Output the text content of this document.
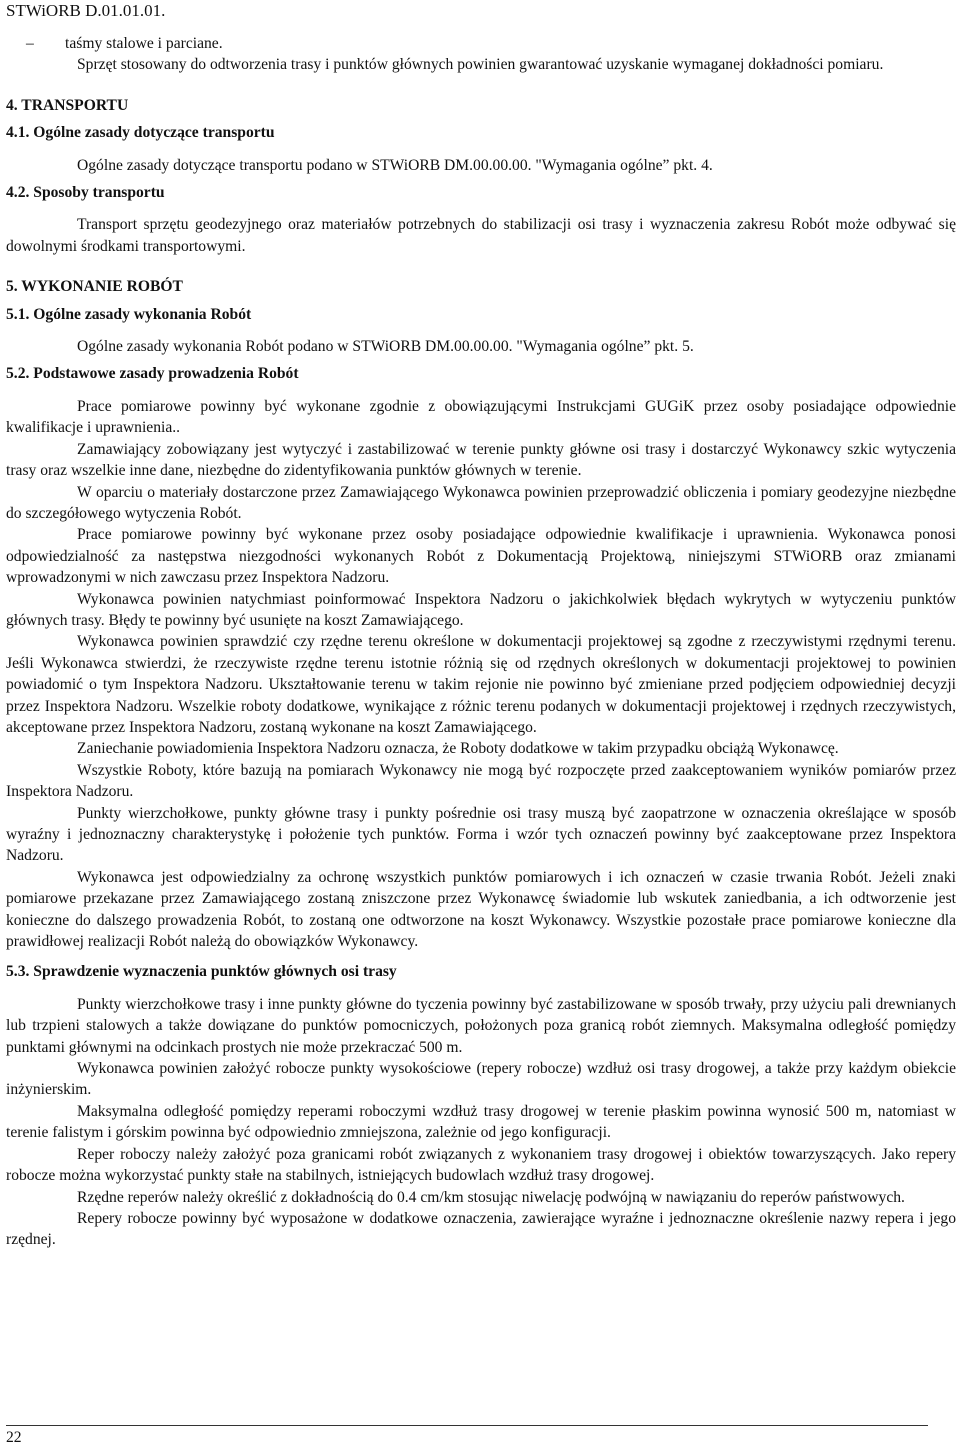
STWiORB D.01.01.01.
– taśmy stalowe i parciane.

Sprzęt stosowany do odtworzenia trasy i punktów głównych powinien gwarantować uzyskanie wymaganej dokładności pomiaru.

4. TRANSPORTU

4.1. Ogólne zasady dotyczące transportu

Ogólne zasady dotyczące transportu podano w STWiORB DM.00.00.00. "Wymagania ogólne” pkt. 4.

4.2. Sposoby transportu

Transport sprzętu geodezyjnego oraz materiałów potrzebnych do stabilizacji osi trasy i wyznaczenia zakresu Robót może odbywać się dowolnymi środkami transportowymi.

5. WYKONANIE ROBÓT

5.1. Ogólne zasady wykonania Robót

Ogólne zasady wykonania Robót podano w STWiORB DM.00.00.00. "Wymagania ogólne” pkt. 5.

5.2. Podstawowe zasady prowadzenia Robót

Prace pomiarowe powinny być wykonane zgodnie z obowiązującymi Instrukcjami GUGiK przez osoby posiadające odpowiednie kwalifikacje i uprawnienia..

Zamawiający zobowiązany jest wytyczyć i zastabilizować w terenie punkty główne osi trasy i dostarczyć Wykonawcy szkic wytyczenia trasy oraz wszelkie inne dane, niezbędne do zidentyfikowania punktów głównych w terenie.

W oparciu o materiały dostarczone przez Zamawiającego Wykonawca powinien przeprowadzić obliczenia i pomiary geodezyjne niezbędne do szczegółowego wytyczenia Robót.

Prace pomiarowe powinny być wykonane przez osoby posiadające odpowiednie kwalifikacje i uprawnienia. Wykonawca ponosi odpowiedzialność za następstwa niezgodności wykonanych Robót z Dokumentacją Projektową, niniejszymi STWiORB oraz zmianami wprowadzonymi w nich zawczasu przez Inspektora Nadzoru.

Wykonawca powinien natychmiast poinformować Inspektora Nadzoru o jakichkolwiek błędach wykrytych w wytyczeniu punktów głównych trasy. Błędy te powinny być usunięte na koszt Zamawiającego.

Wykonawca powinien sprawdzić czy rzędne terenu określone w dokumentacji projektowej są zgodne z rzeczywistymi rzędnymi terenu. Jeśli Wykonawca stwierdzi, że rzeczywiste rzędne terenu istotnie różnią się od rzędnych określonych w dokumentacji projektowej to powinien powiadomić o tym Inspektora Nadzoru. Ukształtowanie terenu w takim rejonie nie powinno być zmieniane przed podjęciem odpowiedniej decyzji przez Inspektora Nadzoru. Wszelkie roboty dodatkowe, wynikające z różnic terenu podanych w dokumentacji projektowej i rzędnych rzeczywistych, akceptowane przez Inspektora Nadzoru, zostaną wykonane na koszt Zamawiającego.

Zaniechanie powiadomienia Inspektora Nadzoru oznacza, że Roboty dodatkowe w takim przypadku obciążą Wykonawcę.

Wszystkie Roboty, które bazują na pomiarach Wykonawcy nie mogą być rozpoczęte przed zaakceptowaniem wyników pomiarów przez Inspektora Nadzoru.

Punkty wierzchołkowe, punkty główne trasy i punkty pośrednie osi trasy muszą być zaopatrzone w oznaczenia określające w sposób wyraźny i jednoznaczny charakterystykę i położenie tych punktów. Forma i wzór tych oznaczeń powinny być zaakceptowane przez Inspektora Nadzoru.

Wykonawca jest odpowiedzialny za ochronę wszystkich punktów pomiarowych i ich oznaczeń w czasie trwania Robót. Jeżeli znaki pomiarowe przekazane przez Zamawiającego zostaną zniszczone przez Wykonawcę świadomie lub wskutek zaniedbania, a ich odtworzenie jest konieczne do dalszego prowadzenia Robót, to zostaną one odtworzone na koszt Wykonawcy. Wszystkie pozostałe prace pomiarowe konieczne dla prawidłowej realizacji Robót należą do obowiązków Wykonawcy.

5.3. Sprawdzenie wyznaczenia punktów głównych osi trasy

Punkty wierzchołkowe trasy i inne punkty główne do tyczenia powinny być zastabilizowane w sposób trwały, przy użyciu pali drewnianych lub trzpieni stalowych a także dowiązane do punktów pomocniczych, położonych poza granicą robót ziemnych. Maksymalna odległość pomiędzy punktami głównymi na odcinkach prostych nie może przekraczać 500 m.

Wykonawca powinien założyć robocze punkty wysokościowe (repery robocze) wzdłuż osi trasy drogowej, a także przy każdym obiekcie inżynierskim.

Maksymalna odległość pomiędzy reperami roboczymi wzdłuż trasy drogowej w terenie płaskim powinna wynosić 500 m, natomiast w terenie falistym i górskim powinna być odpowiednio zmniejszona, zależnie od jego konfiguracji.

Reper roboczy należy założyć poza granicami robót związanych z wykonaniem trasy drogowej i obiektów towarzyszących. Jako repery robocze można wykorzystać punkty stałe na stabilnych, istniejących budowlach wzdłuż trasy drogowej.

Rzędne reperów należy określić z dokładnością do 0.4 cm/km stosując niwelację podwójną w nawiązaniu do reperów państwowych.

Repery robocze powinny być wyposażone w dodatkowe oznaczenia, zawierające wyraźne i jednoznaczne określenie nazwy repera i jego rzędnej.

22
